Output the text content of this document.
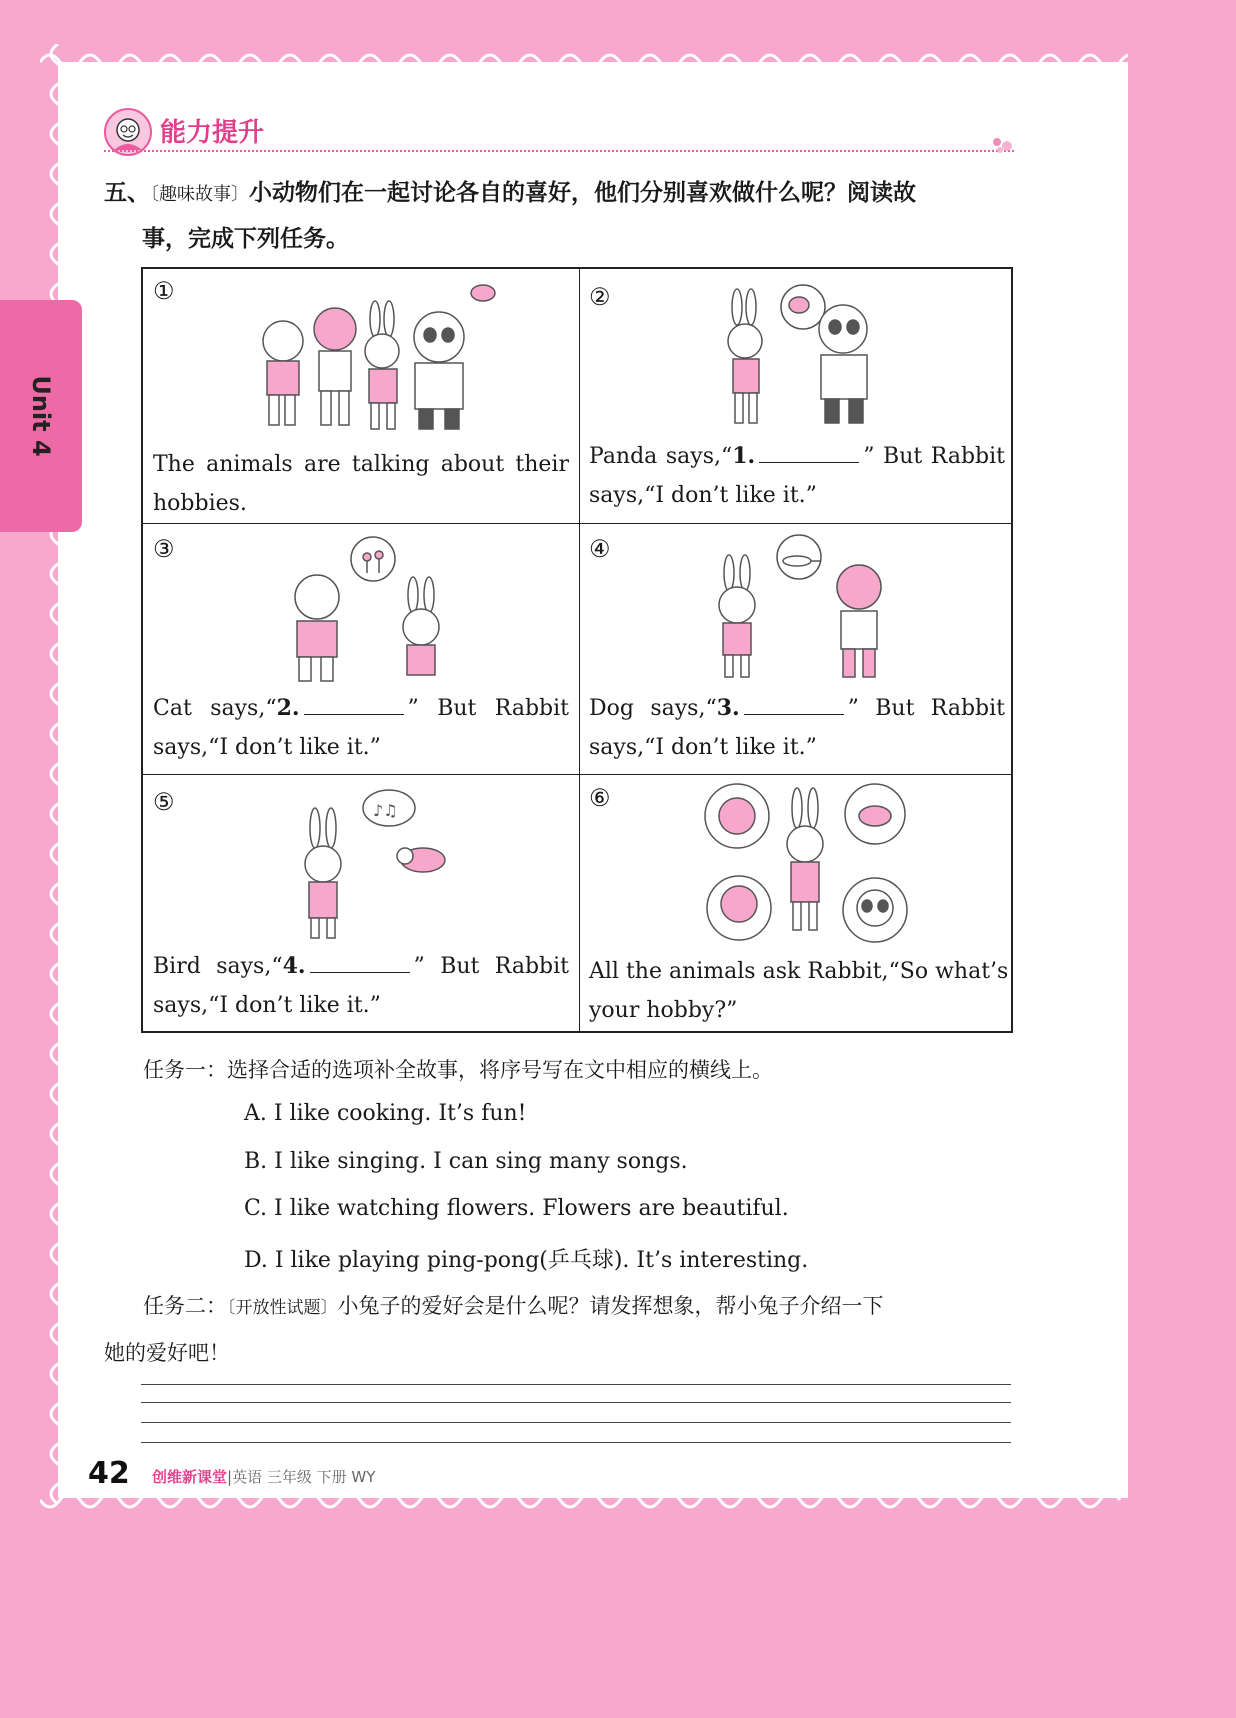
Unit 4
能力提升
五、〔趣味故事〕小动物们在一起讨论各自的喜好，他们分别喜欢做什么呢？阅读故
事，完成下列任务。
①
The animals are talking about their
hobbies.
②
Panda says,“1.	” But Rabbit
says,“I don’t like it.”
③
Cat says,“2.	” But Rabbit
says,“I don’t like it.”
④
Dog says,“3.	” But Rabbit
says,“I don’t like it.”
⑤	♪♫
Bird says,“4.	” But Rabbit
says,“I don’t like it.”
⑥
All the animals ask Rabbit,“So what’s
your hobby?”
任务一：选择合适的选项补全故事，将序号写在文中相应的横线上。
A. I like cooking. It’s fun!
B. I like singing. I can sing many songs.
C. I like watching flowers. Flowers are beautiful.
D. I like playing ping-pong(乒乓球). It’s interesting.
任务二：〔开放性试题〕小兔子的爱好会是什么呢？请发挥想象，帮小兔子介绍一下
她的爱好吧！
42 创维新课堂|英语 三年级 下册 WY
